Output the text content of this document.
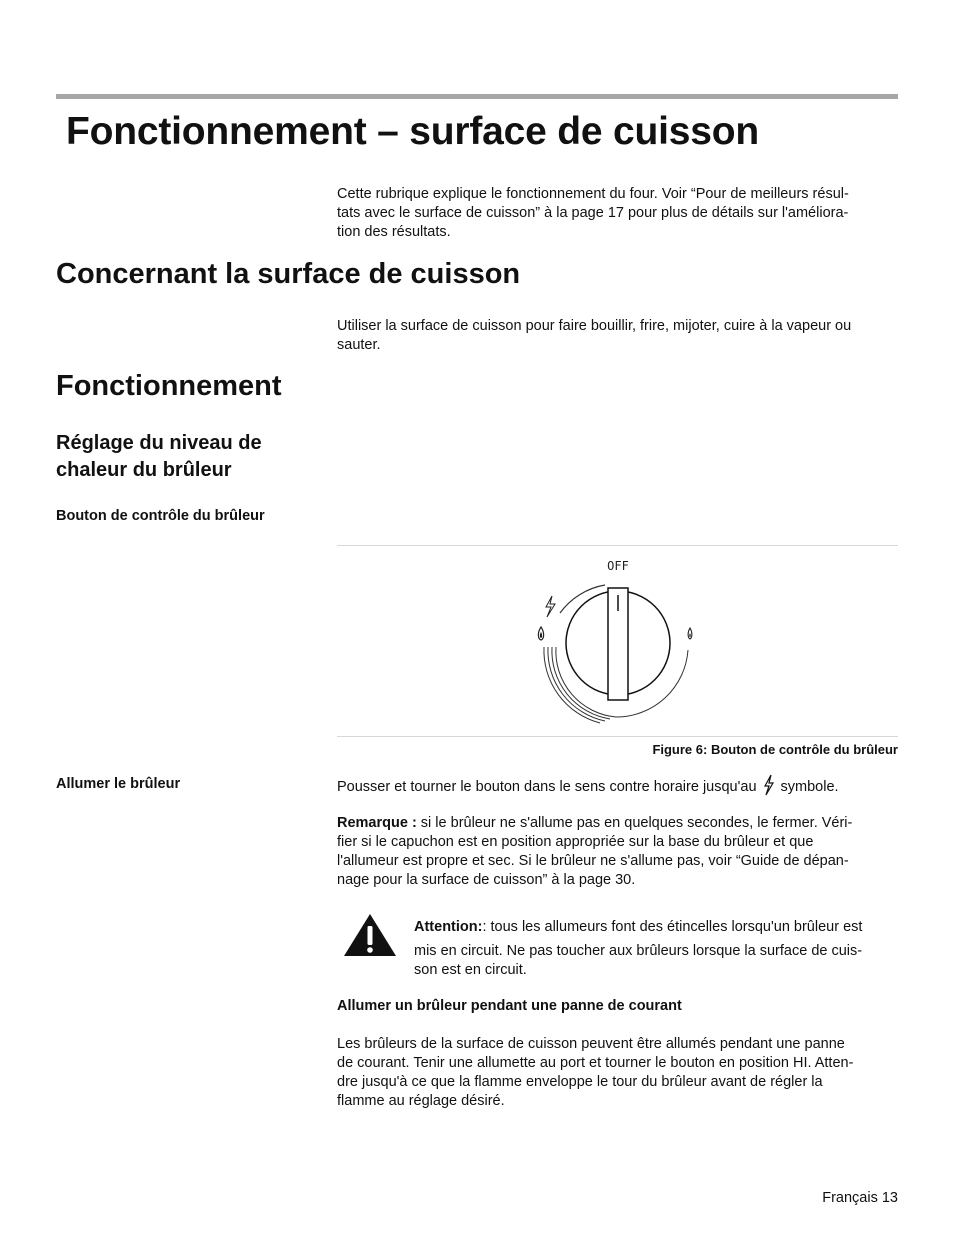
Fonctionnement – surface de cuisson

Cette rubrique explique le fonctionnement du four. Voir “Pour de meilleurs résul-
tats avec le surface de cuisson” à la page 17 pour plus de détails sur l'améliora-
tion des résultats.

Concernant la surface de cuisson

Utiliser la surface de cuisson pour faire bouillir, frire, mijoter, cuire à la vapeur ou
sauter.

Fonctionnement
Réglage du niveau de
chaleur du brûleur
Bouton de contrôle du brûleur
OFF

Figure 6: Bouton de contrôle du brûleur

Allumer le brûleur	Pousser et tourner le bouton dans le sens contre horaire jusqu'au symbole.

Remarque : si le brûleur ne s'allume pas en quelques secondes, le fermer. Véri-
fier si le capuchon est en position appropriée sur la base du brûleur et que
l'allumeur est propre et sec. Si le brûleur ne s'allume pas, voir “Guide de dépan-
nage pour la surface de cuisson” à la page 30.

Attention:: tous les allumeurs font des étincelles lorsqu'un brûleur est
mis en circuit. Ne pas toucher aux brûleurs lorsque la surface de cuis-
son est en circuit.

Allumer un brûleur pendant une panne de courant

Les brûleurs de la surface de cuisson peuvent être allumés pendant une panne
de courant. Tenir une allumette au port et tourner le bouton en position HI. Atten-
dre jusqu'à ce que la flamme enveloppe le tour du brûleur avant de régler la
flamme au réglage désiré.

Français 13
